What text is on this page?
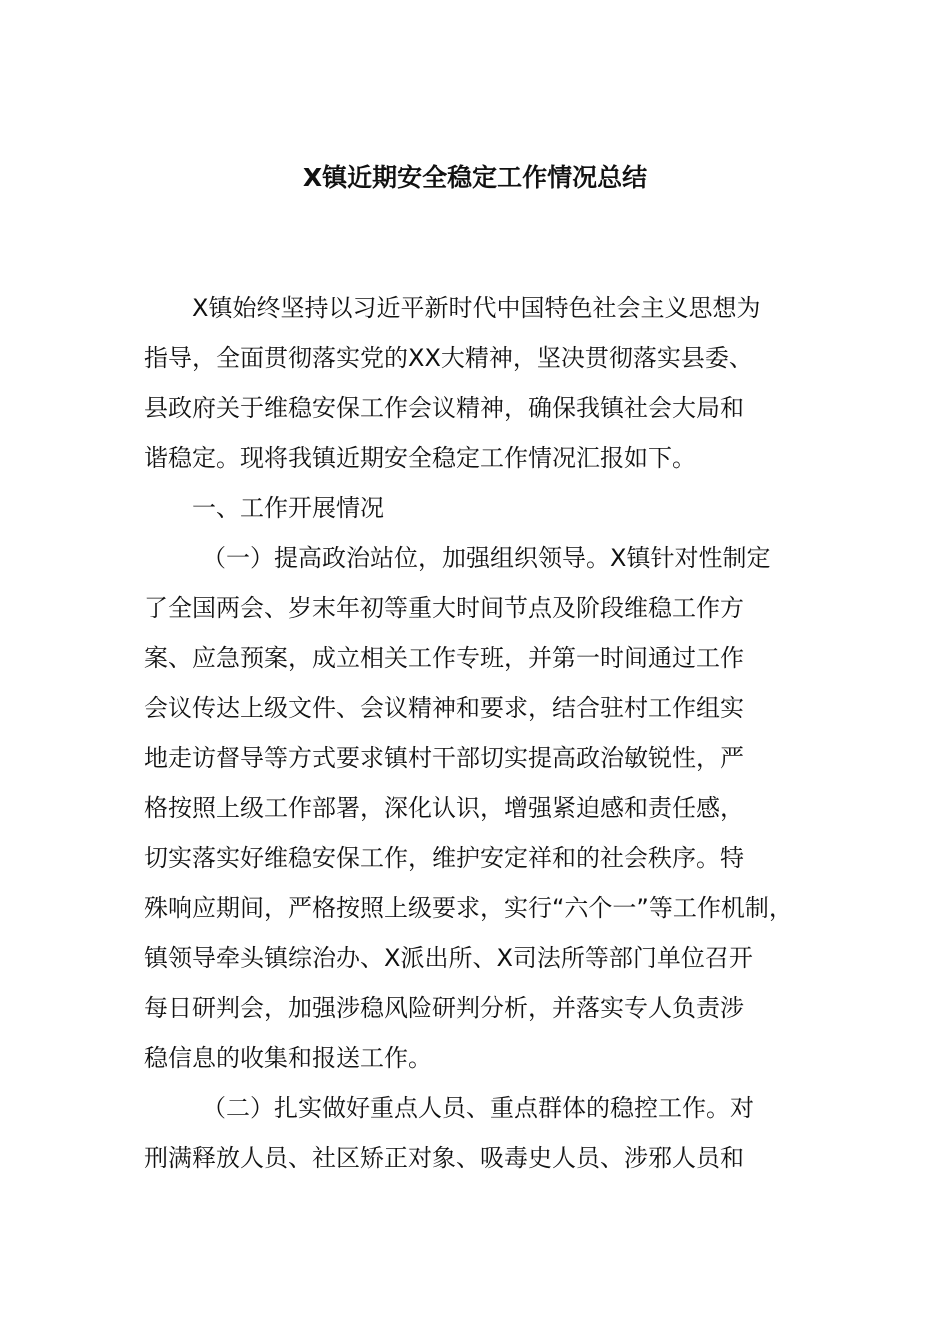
X镇近期安全稳定工作情况总结

X镇始终坚持以习近平新时代中国特色社会主义思想为

指导，全面贯彻落实党的XX大精神，坚决贯彻落实县委、

县政府关于维稳安保工作会议精神，确保我镇社会大局和

谐稳定。现将我镇近期安全稳定工作情况汇报如下。

一、工作开展情况

（一）提高政治站位，加强组织领导。X镇针对性制定

了全国两会、岁末年初等重大时间节点及阶段维稳工作方

案、应急预案，成立相关工作专班，并第一时间通过工作

会议传达上级文件、会议精神和要求，结合驻村工作组实

地走访督导等方式要求镇村干部切实提高政治敏锐性，严

格按照上级工作部署，深化认识，增强紧迫感和责任感，

切实落实好维稳安保工作，维护安定祥和的社会秩序。特

殊响应期间，严格按照上级要求，实行“六个一”等工作机制，

镇领导牵头镇综治办、X派出所、X司法所等部门单位召开

每日研判会，加强涉稳风险研判分析，并落实专人负责涉

稳信息的收集和报送工作。

（二）扎实做好重点人员、重点群体的稳控工作。对

刑满释放人员、社区矫正对象、吸毒史人员、涉邪人员和
